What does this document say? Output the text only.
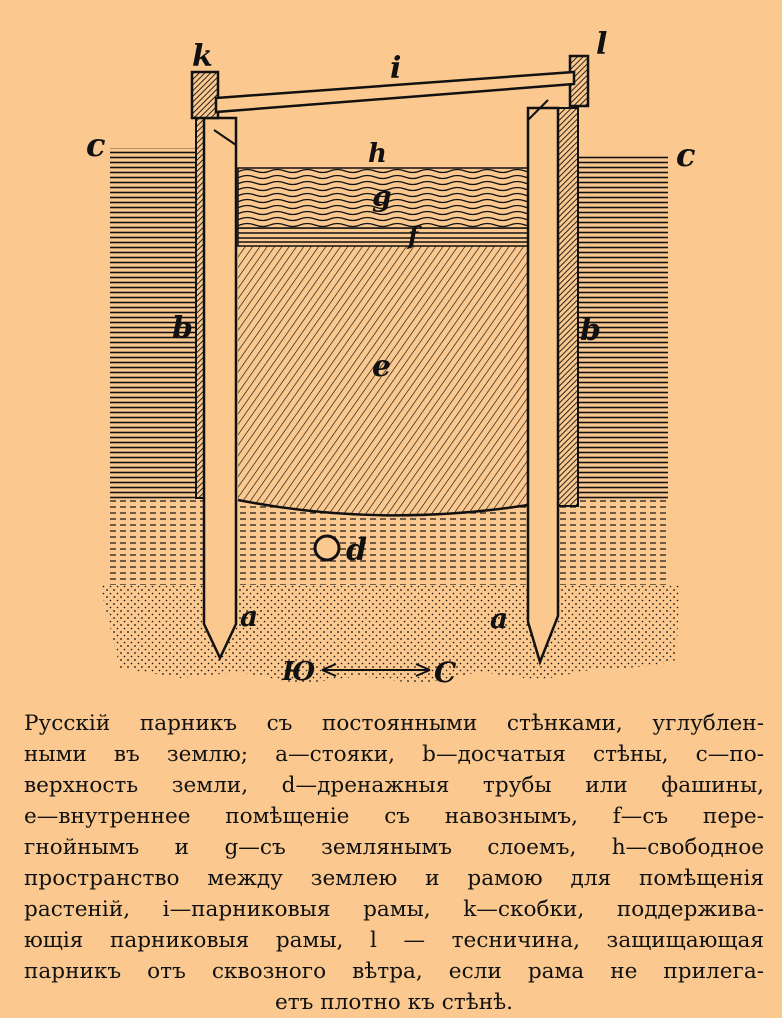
k	l
i
c	c
h
g
f
b	b
e
d
a	a
Ю	С
Русскій парникъ съ постоянными стѣнками, углублен-
ными въ землю; a—стояки, b—досчатыя стѣны, c—по-
верхность земли, d—дренажныя трубы или фашины,
e—внутреннее помѣщеніе съ навознымъ, f—съ пере-
гнойнымъ и g—съ землянымъ слоемъ, h—свободное
пространство между землею и рамою для помѣщенія
растеній, i—парниковыя рамы, k—скобки, поддержива-
ющія парниковыя рамы, l — тесничина, защищающая
парникъ отъ сквозного вѣтра, если рама не прилега-
етъ плотно къ стѣнѣ.
